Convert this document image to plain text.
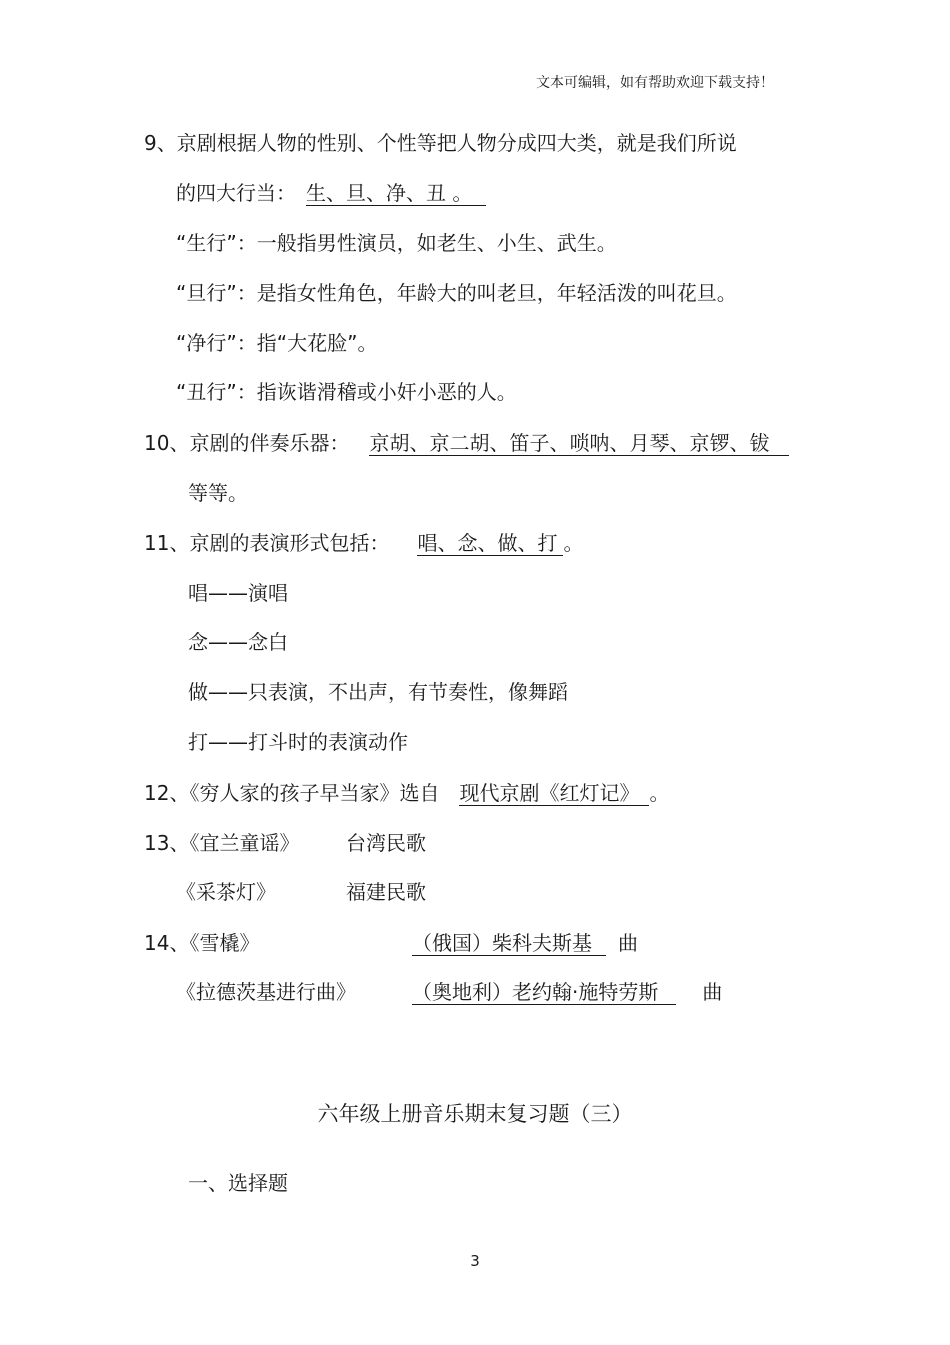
文本可编辑，如有帮助欢迎下载支持！
9、京剧根据人物的性别、个性等把人物分成四大类，就是我们所说
的四大行当： 生、旦、净、丑 。
“生行”：一般指男性演员，如老生、小生、武生。
“旦行”：是指女性角色，年龄大的叫老旦，年轻活泼的叫花旦。
“净行”：指“大花脸”。
“丑行”：指诙谐滑稽或小奸小恶的人。
10、京剧的伴奏乐器： 京胡、京二胡、笛子、唢呐、月琴、京锣、钹
等等。
11、京剧的表演形式包括： 唱、念、做、打 。
唱——演唱
念——念白
做——只表演，不出声，有节奏性，像舞蹈
打——打斗时的表演动作
12、《穷人家的孩子早当家》选自 现代京剧《红灯记》 。
13、《宜兰童谣》 台湾民歌
《采茶灯》	福建民歌
14、《雪橇》	（俄国）柴科夫斯基 曲
《拉德茨基进行曲》	（奥地利）老约翰·施特劳斯 曲
六年级上册音乐期末复习题（三）
一、选择题
3
